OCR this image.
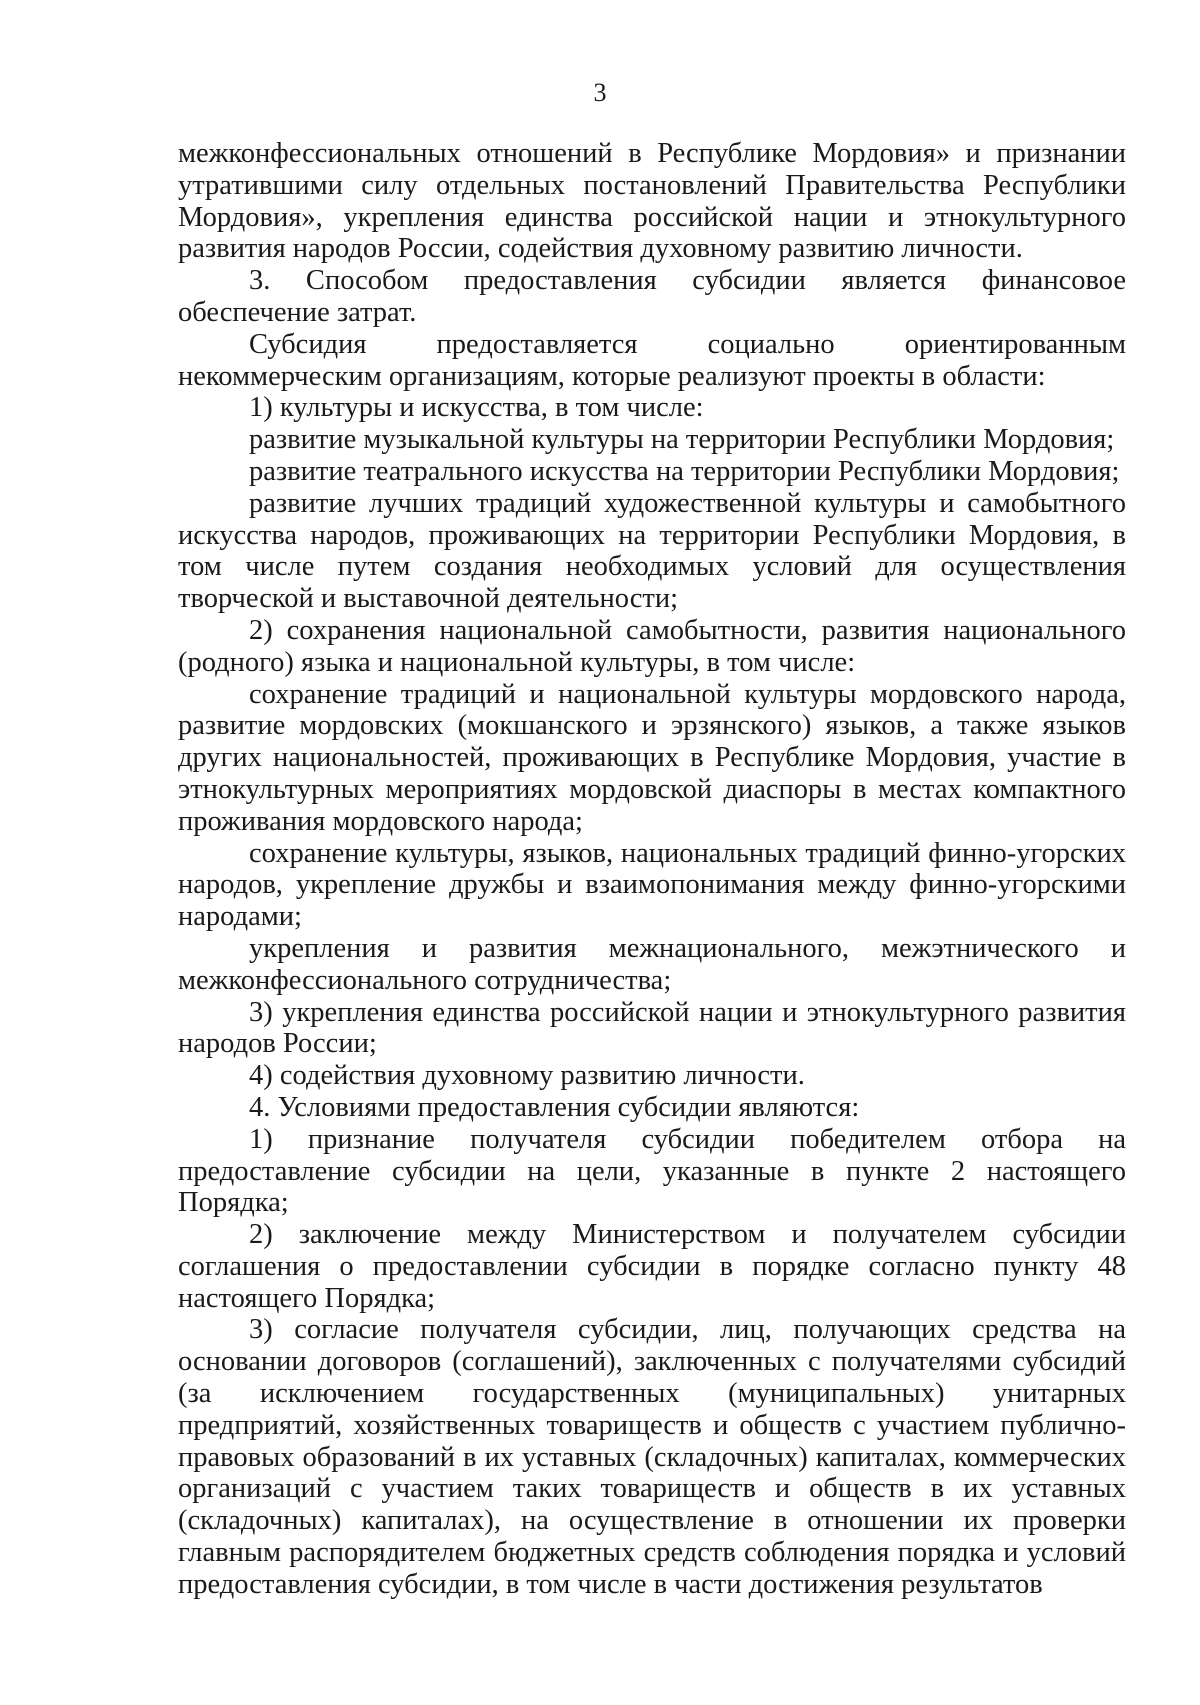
3

межконфессиональных отношений в Республике Мордовия» и признании утратившими силу отдельных постановлений Правительства Республики Мордовия», укрепления единства российской нации и этнокультурного развития народов России, содействия духовному развитию личности.

3. Способом предоставления субсидии является финансовое обеспечение затрат.

Субсидия предоставляется социально ориентированным некоммерческим организациям, которые реализуют проекты в области:

1) культуры и искусства, в том числе:

развитие музыкальной культуры на территории Республики Мордовия;

развитие театрального искусства на территории Республики Мордовия;

развитие лучших традиций художественной культуры и самобытного искусства народов, проживающих на территории Республики Мордовия, в том числе путем создания необходимых условий для осуществления творческой и выставочной деятельности;

2) сохранения национальной самобытности, развития национального (родного) языка и национальной культуры, в том числе:

сохранение традиций и национальной культуры мордовского народа, развитие мордовских (мокшанского и эрзянского) языков, а также языков других национальностей, проживающих в Республике Мордовия, участие в этнокультурных мероприятиях мордовской диаспоры в местах компактного проживания мордовского народа;

сохранение культуры, языков, национальных традиций финно-угорских народов, укрепление дружбы и взаимопонимания между финно-угорскими народами;

укрепления и развития межнационального, межэтнического и межконфессионального сотрудничества;

3) укрепления единства российской нации и этнокультурного развития народов России;

4) содействия духовному развитию личности.

4. Условиями предоставления субсидии являются:

1) признание получателя субсидии победителем отбора на предоставление субсидии на цели, указанные в пункте 2 настоящего Порядка;

2) заключение между Министерством и получателем субсидии соглашения о предоставлении субсидии в порядке согласно пункту 48 настоящего Порядка;

3) согласие получателя субсидии, лиц, получающих средства на основании договоров (соглашений), заключенных с получателями субсидий (за исключением государственных (муниципальных) унитарных предприятий, хозяйственных товариществ и обществ с участием публично-правовых образований в их уставных (складочных) капиталах, коммерческих организаций с участием таких товариществ и обществ в их уставных (складочных) капиталах), на осуществление в отношении их проверки главным распорядителем бюджетных средств соблюдения порядка и условий предоставления субсидии, в том числе в части достижения результатов
